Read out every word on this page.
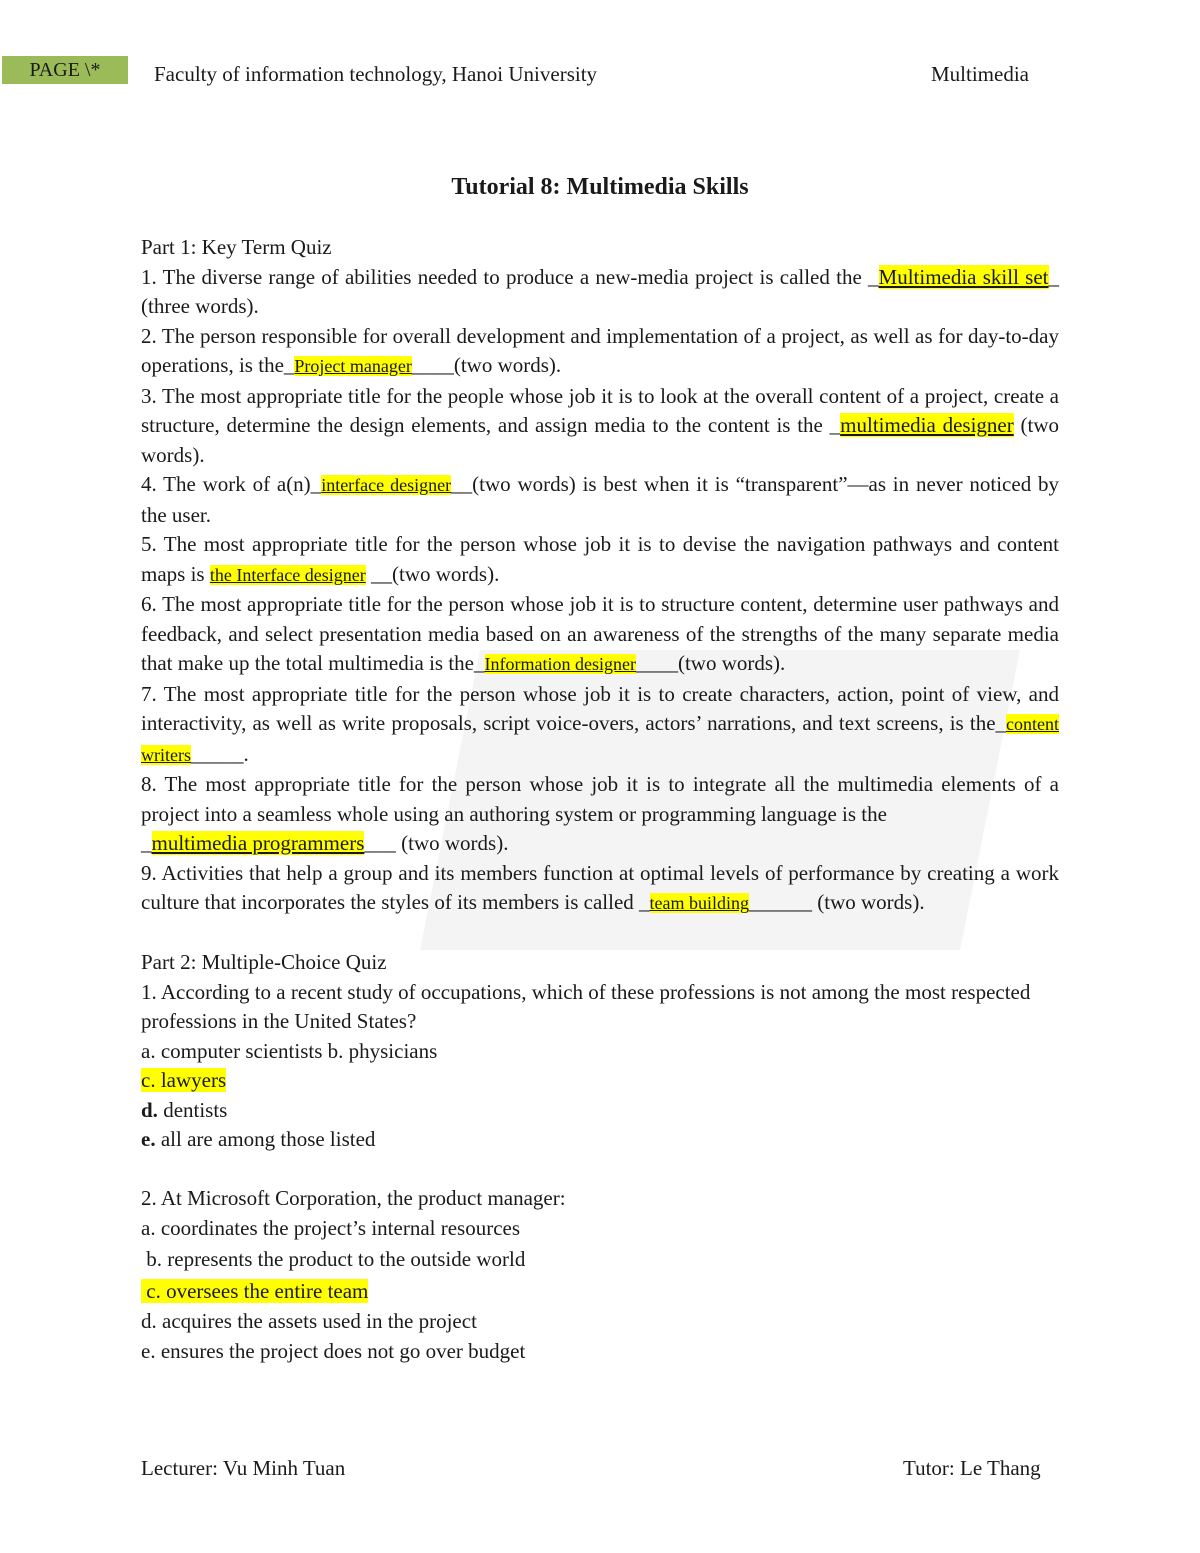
PAGE \*	Faculty of information technology, Hanoi University	Multimedia
Tutorial 8: Multimedia Skills

Part 1: Key Term Quiz

1. The diverse range of abilities needed to produce a new-media project is called the _Multimedia skill set_ (three words).

2. The person responsible for overall development and implementation of a project, as well as for day-to-day operations, is the_Project manager____(two words).

3. The most appropriate title for the people whose job it is to look at the overall content of a project, create a structure, determine the design elements, and assign media to the content is the _multimedia designer (two words).

4. The work of a(n)_interface designer__(two words) is best when it is “transparent”—as in never noticed by the user.

5. The most appropriate title for the person whose job it is to devise the navigation pathways and content maps is the Interface designer __(two words).

6. The most appropriate title for the person whose job it is to structure content, determine user pathways and feedback, and select presentation media based on an awareness of the strengths of the many separate media that make up the total multimedia is the_Information designer____(two words).

7. The most appropriate title for the person whose job it is to create characters, action, point of view, and interactivity, as well as write proposals, script voice-overs, actors’ narrations, and text screens, is the_content writers_____.

8. The most appropriate title for the person whose job it is to integrate all the multimedia elements of a project into a seamless whole using an authoring system or programming language is the

_multimedia programmers___ (two words).

9. Activities that help a group and its members function at optimal levels of performance by creating a work culture that incorporates the styles of its members is called _team building______ (two words).

Part 2: Multiple-Choice Quiz

1. According to a recent study of occupations, which of these professions is not among the most respected professions in the United States?

a. computer scientists b. physicians

c. lawyers

d. dentists

e. all are among those listed

2. At Microsoft Corporation, the product manager:

a. coordinates the project’s internal resources

b. represents the product to the outside world

c. oversees the entire team

d. acquires the assets used in the project

e. ensures the project does not go over budget

Lecturer: Vu Minh Tuan	Tutor: Le Thang
